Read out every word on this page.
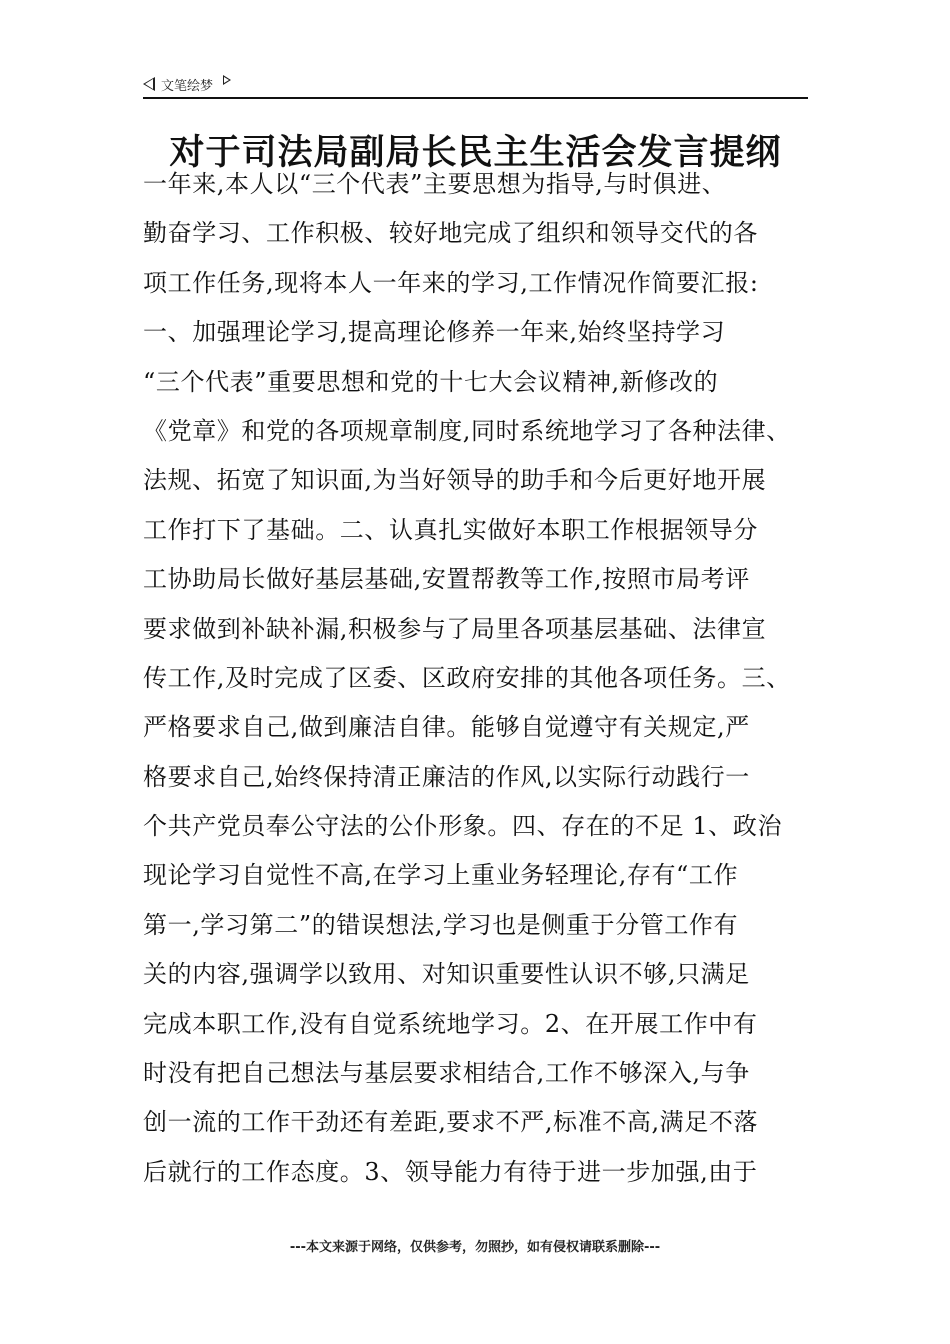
文笔绘梦
对于司法局副局长民主生活会发言提纲
一年来,本人以“三个代表”主要思想为指导,与时俱进、
勤奋学习、工作积极、较好地完成了组织和领导交代的各
项工作任务,现将本人一年来的学习,工作情况作简要汇报:
一、加强理论学习,提高理论修养一年来,始终坚持学习
“三个代表”重要思想和党的十七大会议精神,新修改的
《党章》和党的各项规章制度,同时系统地学习了各种法律、
法规、拓宽了知识面,为当好领导的助手和今后更好地开展
工作打下了基础。二、认真扎实做好本职工作根据领导分
工协助局长做好基层基础,安置帮教等工作,按照市局考评
要求做到补缺补漏,积极参与了局里各项基层基础、法律宣
传工作,及时完成了区委、区政府安排的其他各项任务。三、
严格要求自己,做到廉洁自律。能够自觉遵守有关规定,严
格要求自己,始终保持清正廉洁的作风,以实际行动践行一
个共产党员奉公守法的公仆形象。四、存在的不足 1、政治
现论学习自觉性不高,在学习上重业务轻理论,存有“工作
第一,学习第二”的错误想法,学习也是侧重于分管工作有
关的内容,强调学以致用、对知识重要性认识不够,只满足
完成本职工作,没有自觉系统地学习。2、在开展工作中有
时没有把自己想法与基层要求相结合,工作不够深入,与争
创一流的工作干劲还有差距,要求不严,标准不高,满足不落
后就行的工作态度。3、领导能力有待于进一步加强,由于
---本文来源于网络，仅供参考，勿照抄，如有侵权请联系删除---
